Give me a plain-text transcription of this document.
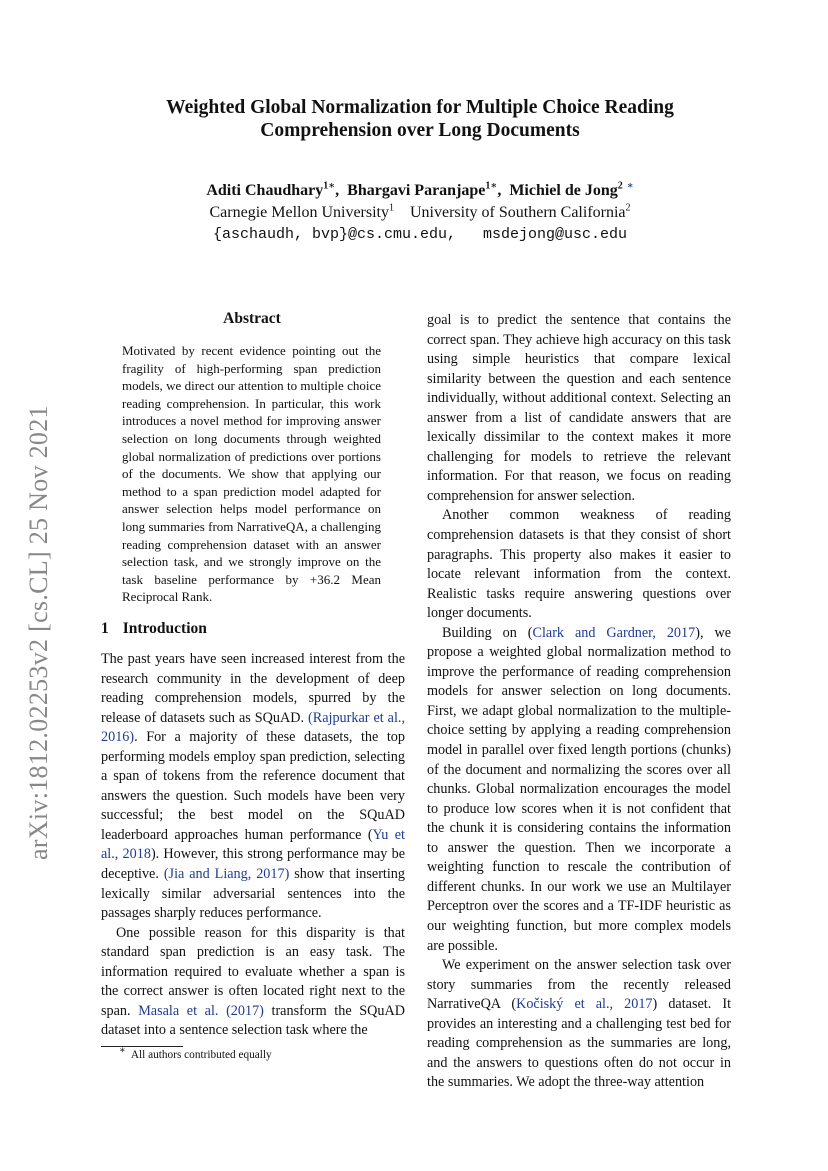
arXiv:1812.02253v2 [cs.CL] 25 Nov 2021
Weighted Global Normalization for Multiple Choice Reading
Comprehension over Long Documents
Aditi Chaudhary$^{1∗}$,  Bhargavi Paranjape$^{1∗}$,  Michiel de Jong$^2$ ∗
Carnegie Mellon University$^1$ University of Southern California$^2$
{aschaudh, bvp}@cs.cmu.edu, msdejong@usc.edu
Abstract
Motivated by recent evidence pointing out the fragility of high-performing span prediction models, we direct our attention to multiple choice reading comprehension. In particular, this work introduces a novel method for improving answer selection on long documents through weighted global normalization of predictions over portions of the documents. We show that applying our method to a span prediction model adapted for answer selection helps model performance on long summaries from NarrativeQA, a challenging reading comprehension dataset with an answer selection task, and we strongly improve on the task baseline performance by +36.2 Mean Reciprocal Rank.
1 Introduction

The past years have seen increased interest from the research community in the development of deep reading comprehension models, spurred by the release of datasets such as SQuAD. (Rajpurkar et al., 2016). For a majority of these datasets, the top performing models employ span prediction, selecting a span of tokens from the reference document that answers the question. Such models have been very successful; the best model on the SQuAD leaderboard approaches human performance (Yu et al., 2018). However, this strong performance may be deceptive. (Jia and Liang, 2017) show that inserting lexically similar adversarial sentences into the passages sharply reduces performance.

One possible reason for this disparity is that standard span prediction is an easy task. The information required to evaluate whether a span is the correct answer is often located right next to the span. Masala et al. (2017) transform the SQuAD dataset into a sentence selection task where the

goal is to predict the sentence that contains the correct span. They achieve high accuracy on this task using simple heuristics that compare lexical similarity between the question and each sentence individually, without additional context. Selecting an answer from a list of candidate answers that are lexically dissimilar to the context makes it more challenging for models to retrieve the relevant information. For that reason, we focus on reading comprehension for answer selection.

Another common weakness of reading comprehension datasets is that they consist of short paragraphs. This property also makes it easier to locate relevant information from the context. Realistic tasks require answering questions over longer documents.

Building on (Clark and Gardner, 2017), we propose a weighted global normalization method to improve the performance of reading comprehension models for answer selection on long documents. First, we adapt global normalization to the multiple-choice setting by applying a reading comprehension model in parallel over fixed length portions (chunks) of the document and normalizing the scores over all chunks. Global normalization encourages the model to produce low scores when it is not confident that the chunk it is considering contains the information to answer the question. Then we incorporate a weighting function to rescale the contribution of different chunks. In our work we use an Multilayer Perceptron over the scores and a TF-IDF heuristic as our weighting function, but more complex models are possible.

We experiment on the answer selection task over story summaries from the recently released NarrativeQA (Kočiský et al., 2017) dataset. It provides an interesting and a challenging test bed for reading comprehension as the summaries are long, and the answers to questions often do not occur in the summaries. We adopt the three-way attention

∗ All authors contributed equally
